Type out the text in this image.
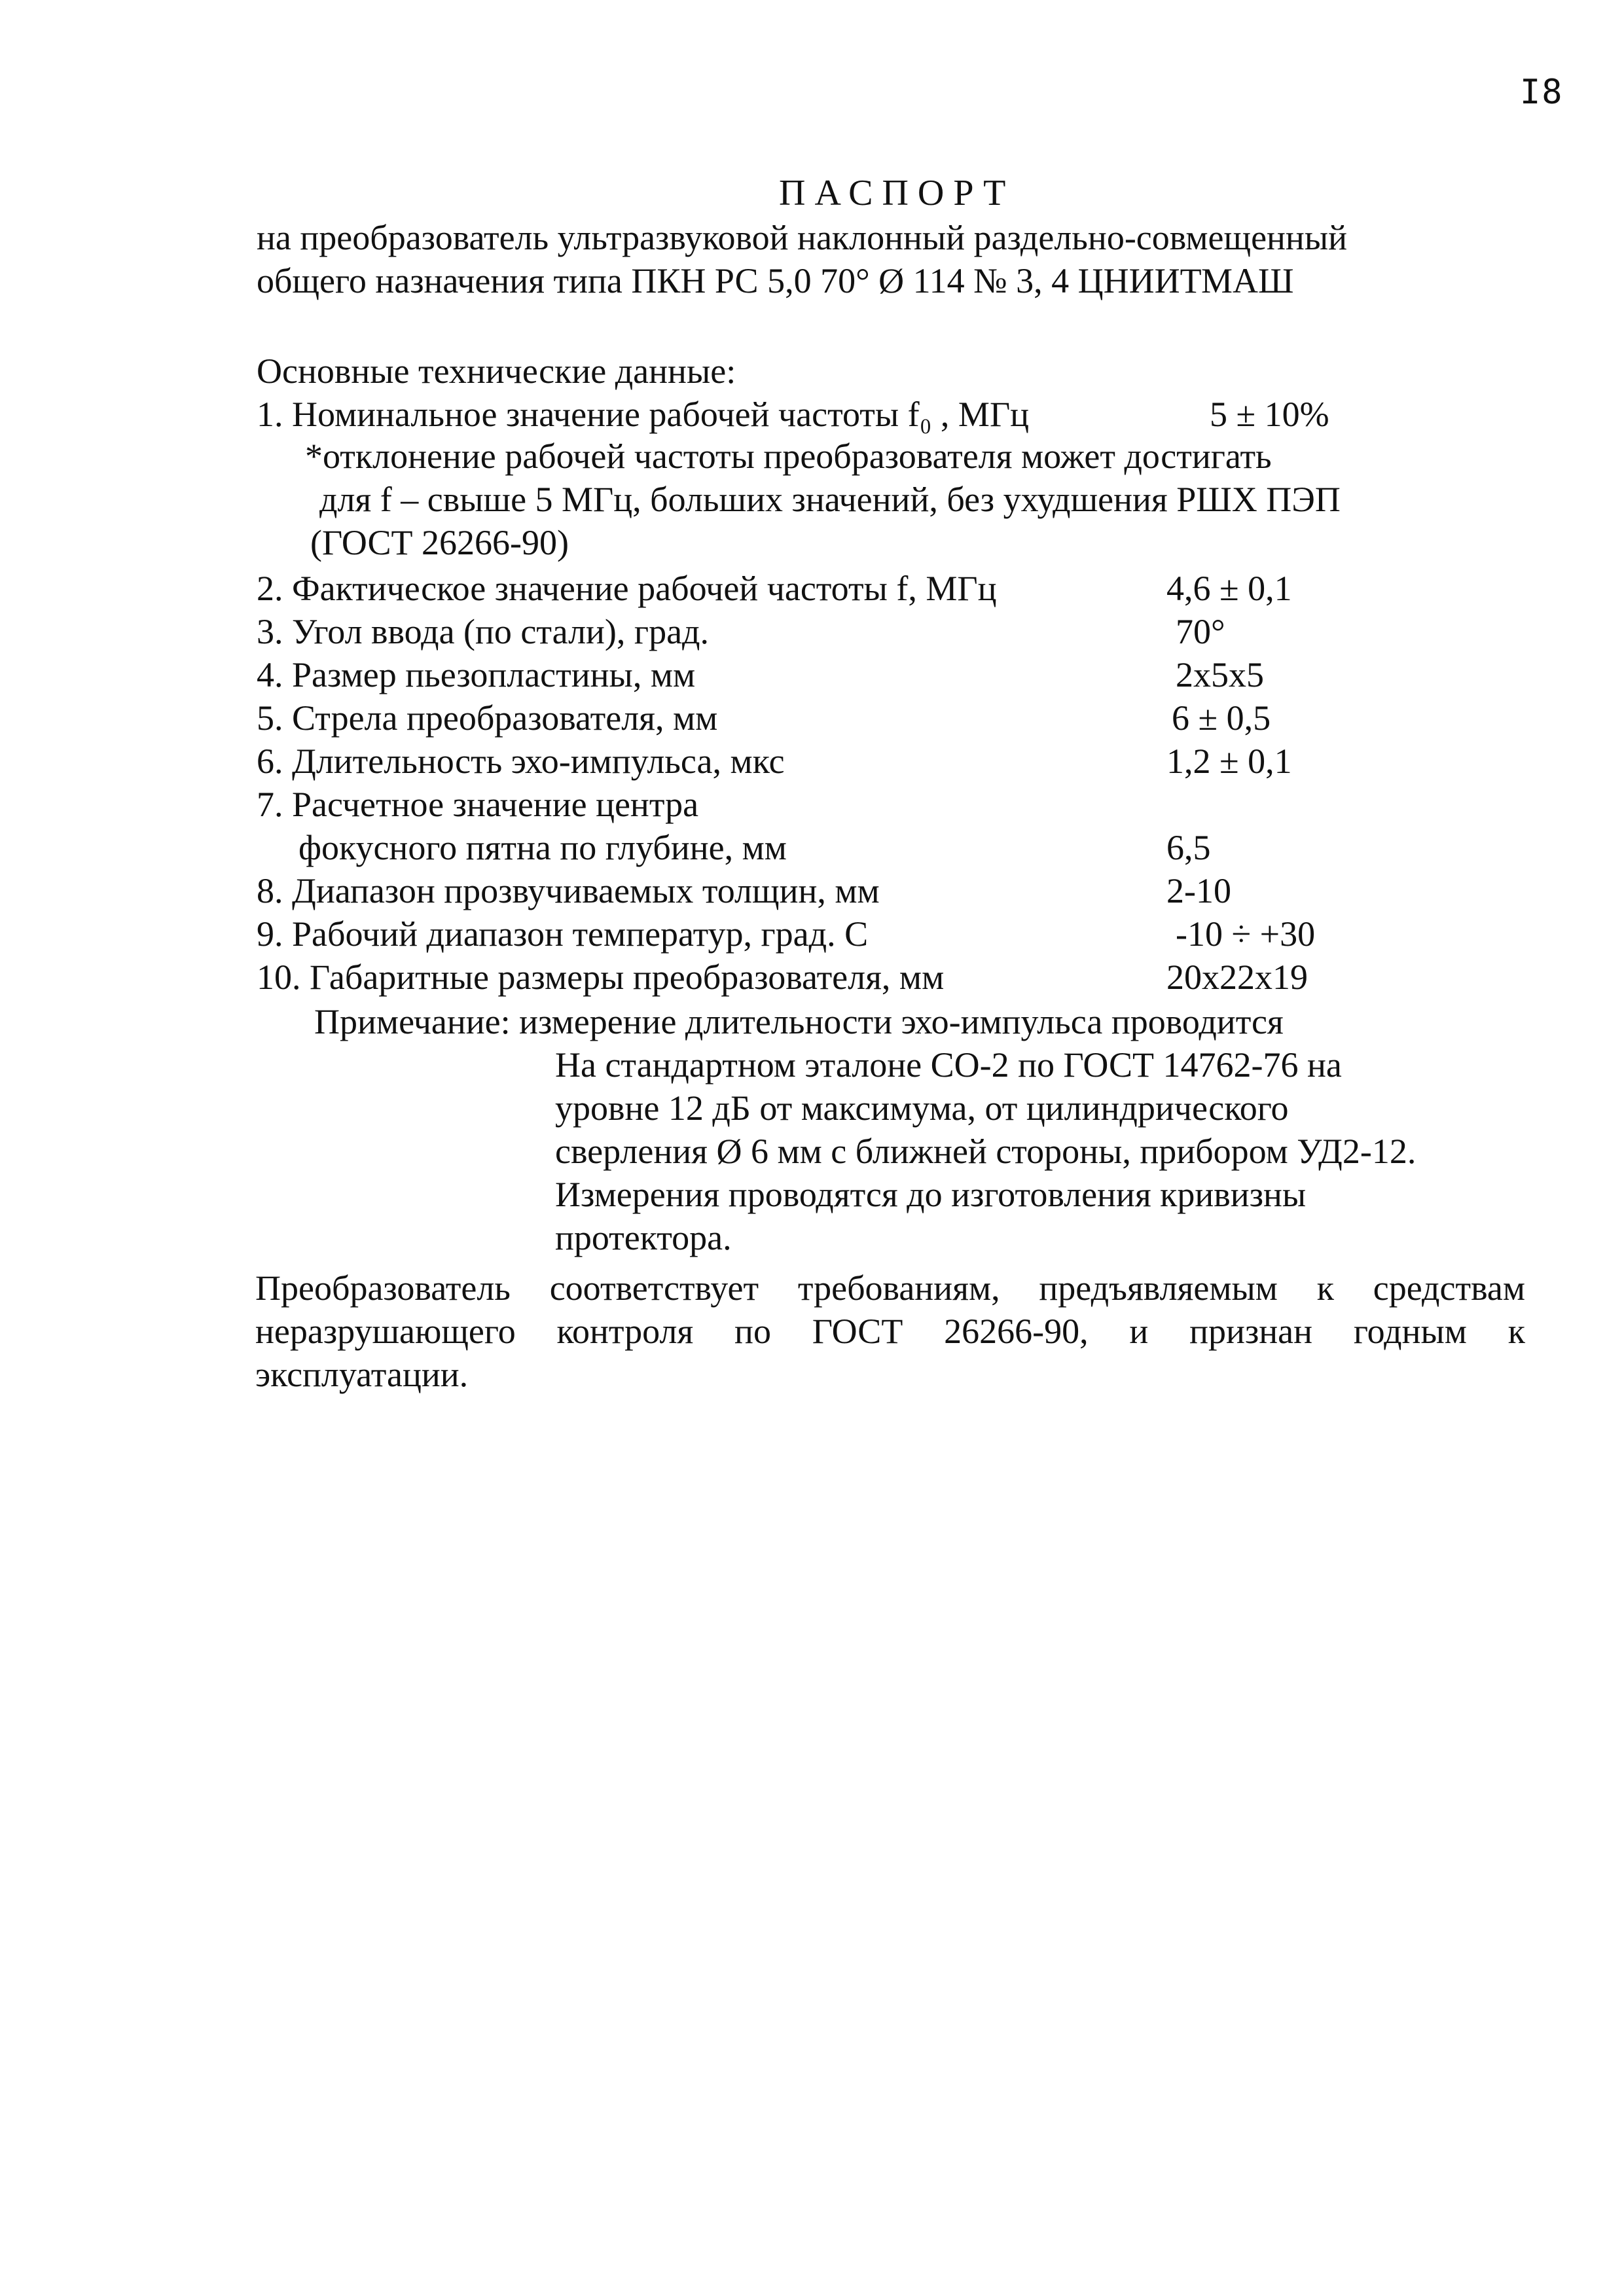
I8
ПАСПОРТ
на преобразователь ультразвуковой наклонный раздельно-совмещенный
общего назначения типа ПКН РС 5,0 70° Ø 114 № 3, 4 ЦНИИТМАШ
Основные технические данные:
1. Номинальное значение рабочей частоты f₀ , МГц	5 ± 10%
*отклонение рабочей частоты преобразователя может достигать
для f – свыше 5 МГц, больших значений, без ухудшения РШХ ПЭП
(ГОСТ 26266-90)
2. Фактическое значение рабочей частоты f, МГц	4,6 ± 0,1
3. Угол ввода (по стали), град.	70°
4. Размер пьезопластины, мм	2x5x5
5. Стрела преобразователя, мм	6 ± 0,5
6. Длительность эхо-импульса, мкс	1,2 ± 0,1
7. Расчетное значение центра
фокусного пятна по глубине, мм	6,5
8. Диапазон прозвучиваемых толщин, мм	2-10
9. Рабочий диапазон температур, град. С	-10 ÷ +30
10. Габаритные размеры преобразователя, мм	20x22x19
Примечание: измерение длительности эхо-импульса проводится
На стандартном эталоне СО-2 по ГОСТ 14762-76 на
уровне 12 дБ от максимума, от цилиндрического
сверления Ø 6 мм с ближней стороны, прибором УД2-12.
Измерения проводятся до изготовления кривизны
протектора.
Преобразователь соответствует требованиям, предъявляемым к средствам
неразрушающего контроля по ГОСТ 26266-90, и признан годным к
эксплуатации.
